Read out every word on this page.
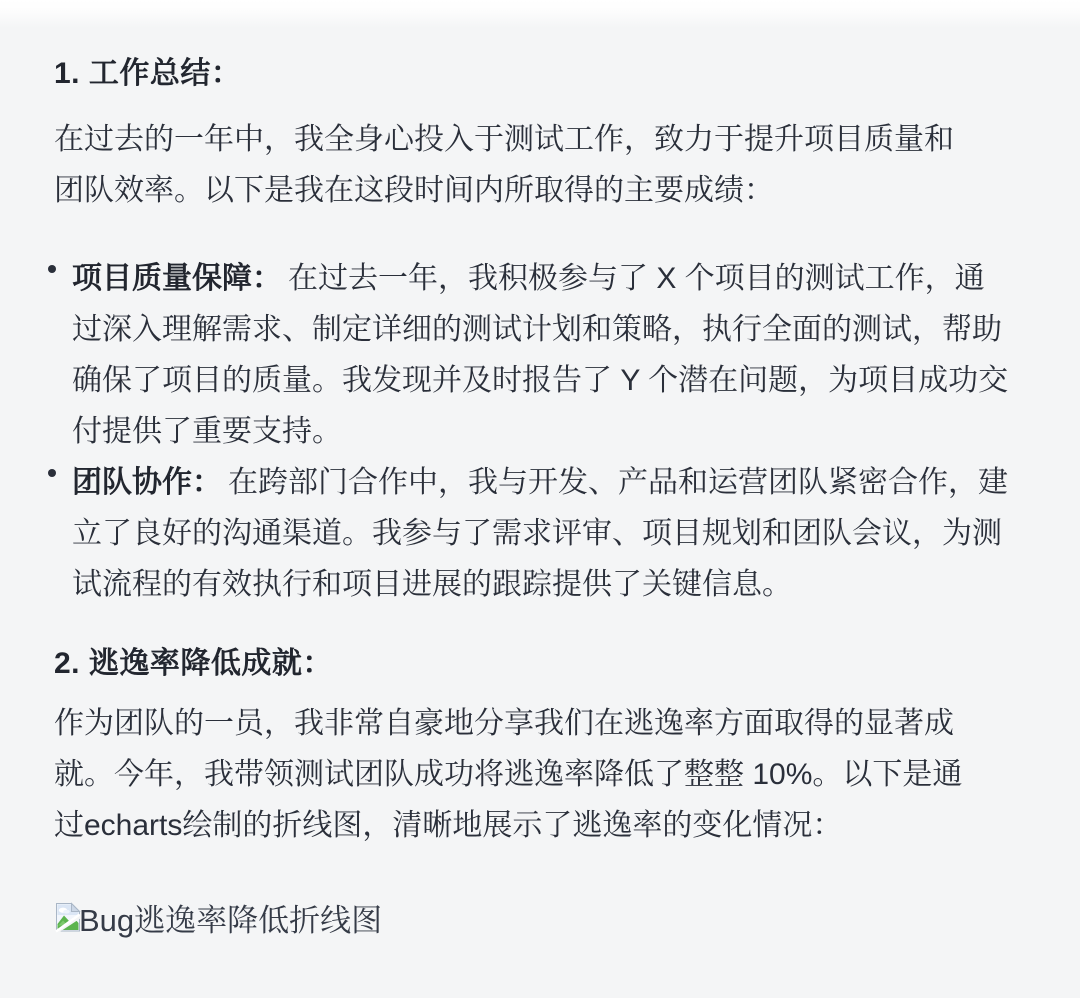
1. 工作总结：

在过去的一年中，我全身心投入于测试工作，致力于提升项目质量和团队效率。以下是我在这段时间内所取得的主要成绩：

项目质量保障： 在过去一年，我积极参与了 X 个项目的测试工作，通过深入理解需求、制定详细的测试计划和策略，执行全面的测试，帮助确保了项目的质量。我发现并及时报告了 Y 个潜在问题，为项目成功交付提供了重要支持。
团队协作： 在跨部门合作中，我与开发、产品和运营团队紧密合作，建立了良好的沟通渠道。我参与了需求评审、项目规划和团队会议，为测试流程的有效执行和项目进展的跟踪提供了关键信息。
2. 逃逸率降低成就：

作为团队的一员，我非常自豪地分享我们在逃逸率方面取得的显著成就。今年，我带领测试团队成功将逃逸率降低了整整 10%。以下是通过echarts绘制的折线图，清晰地展示了逃逸率的变化情况：

Bug逃逸率降低折线图
